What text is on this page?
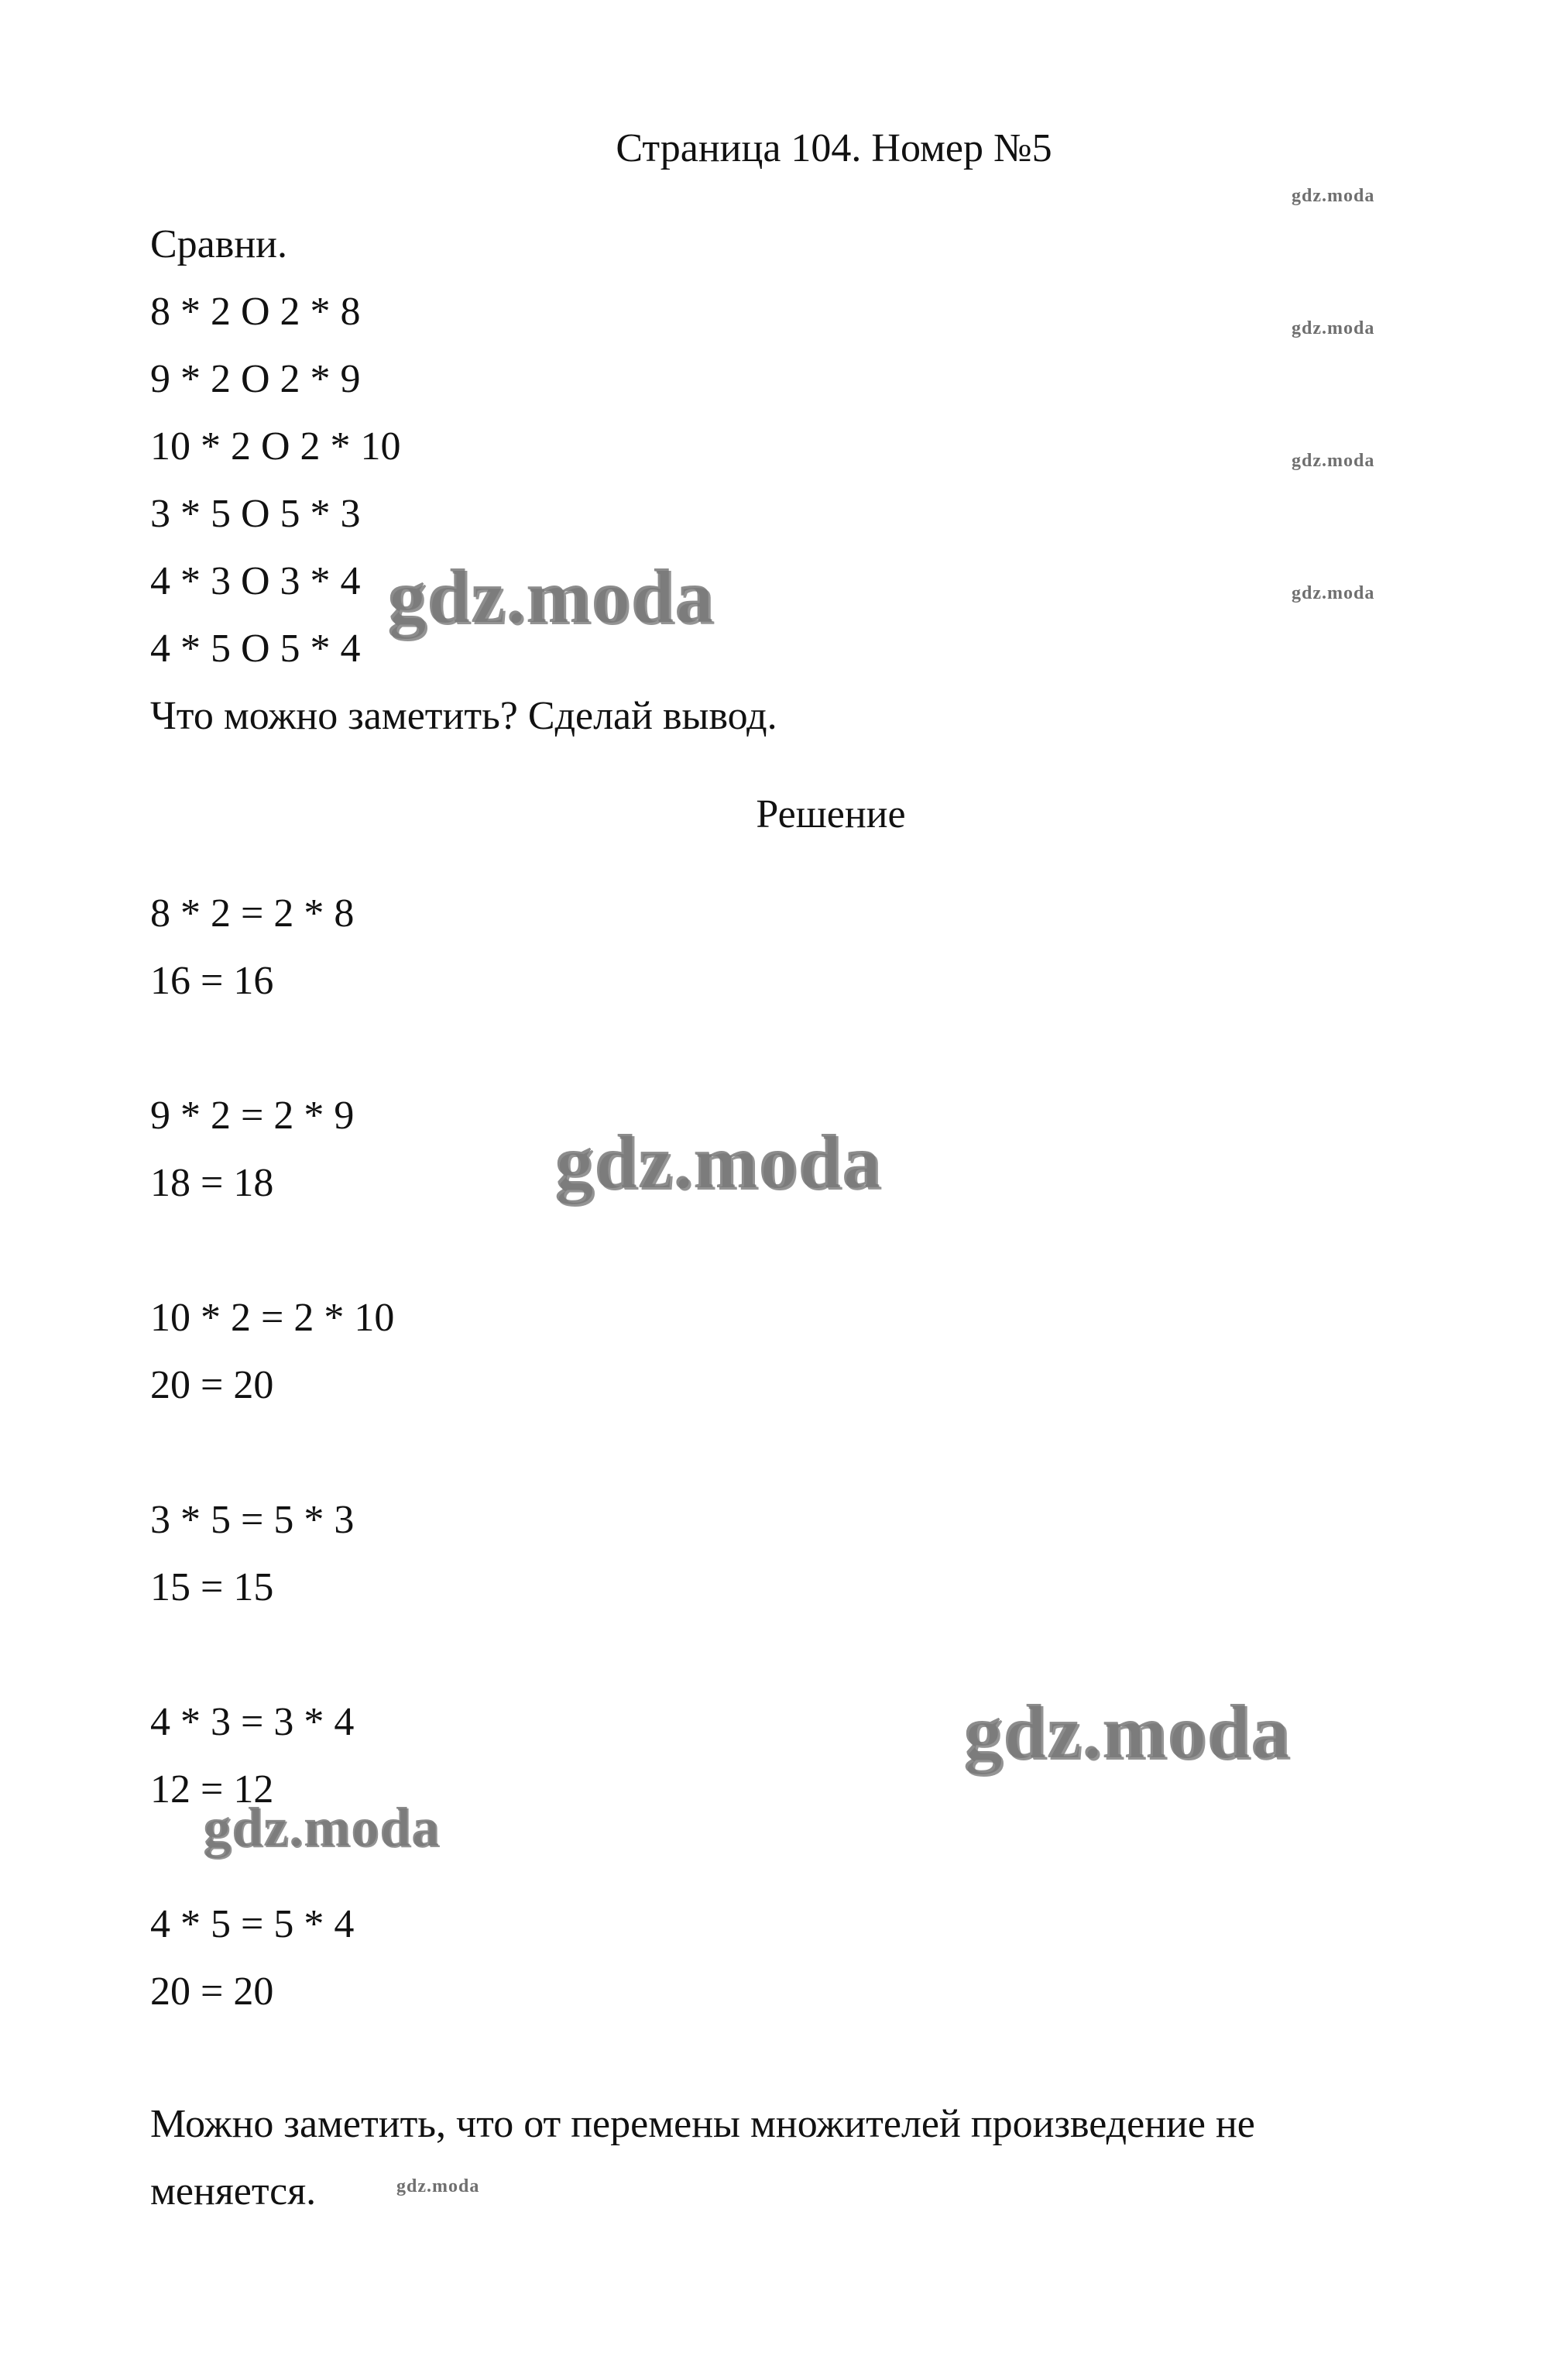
Страница 104. Номер №5
Сравни.
8 * 2 O 2 * 8
9 * 2 O 2 * 9
10 * 2 O 2 * 10
3 * 5 O 5 * 3
4 * 3 O 3 * 4
4 * 5 O 5 * 4
Что можно заметить? Сделай вывод.
Решение
8 * 2 = 2 * 8
16 = 16
9 * 2 = 2 * 9
18 = 18
10 * 2 = 2 * 10
20 = 20
3 * 5 = 5 * 3
15 = 15
4 * 3 = 3 * 4
12 = 12
4 * 5 = 5 * 4
20 = 20
Можно заметить, что от перемены множителей произведение не
меняется.
gdz.moda
gdz.moda
gdz.moda
gdz.moda
gdz.moda
gdz.moda
gdz.moda
gdz.moda
gdz.moda
